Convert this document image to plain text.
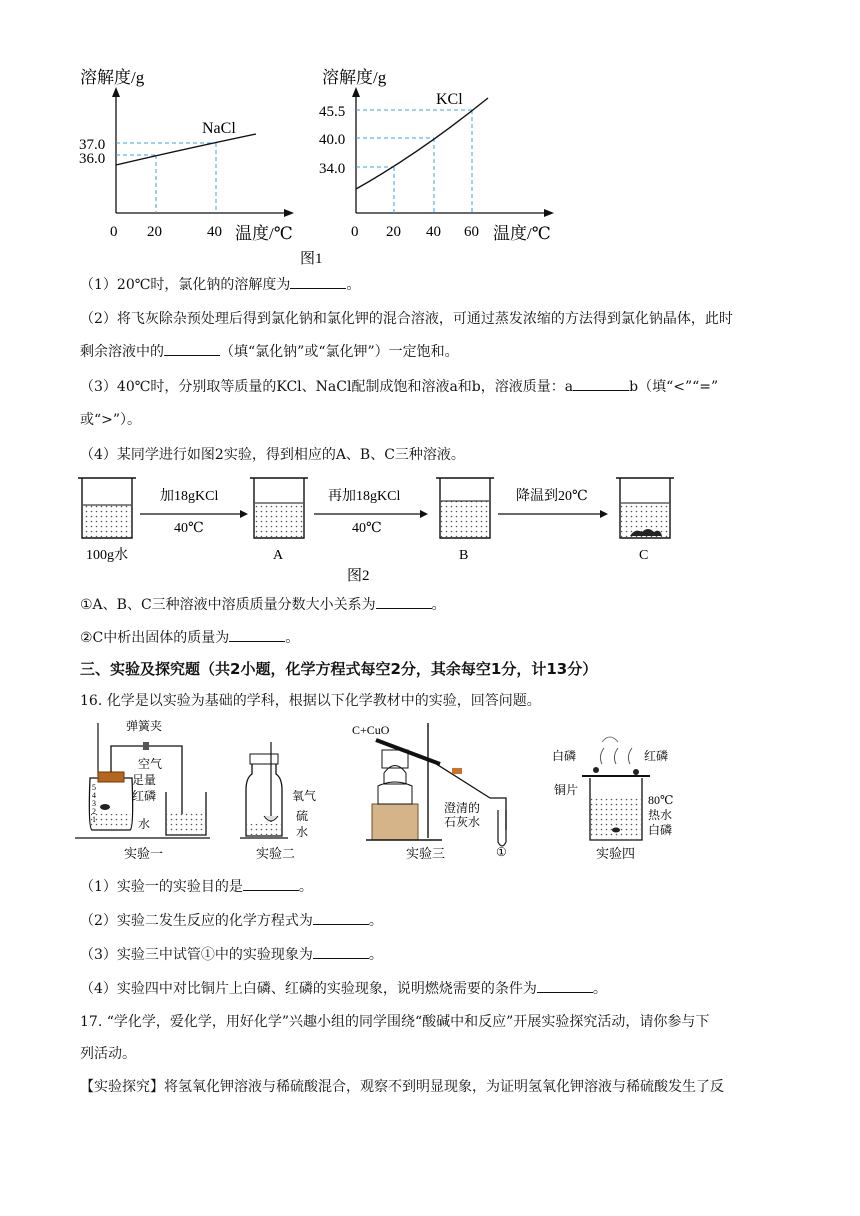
溶解度/g
NaCl
37.0
36.0
0 20	40 温度/℃
溶解度/g
KCl
45.5
40.0
34.0
0 20 40 60 温度/℃
图1
（1）20℃时，氯化钠的溶解度为	。
（2）将飞灰除杂预处理后得到氯化钠和氯化钾的混合溶液，可通过蒸发浓缩的方法得到氯化钠晶体，此时
剩余溶液中的	（填“氯化钠”或“氯化钾”）一定饱和。
（3）40℃时，分别取等质量的KCl、NaCl配制成饱和溶液a和b，溶液质量：a	b（填“<”“=”
或“>”）。
（4）某同学进行如图2实验，得到相应的A、B、C三种溶液。
加18gKCl
40℃
再加18gKCl
40℃
降温到20℃
100g水	A	B	C
图2
①A、B、C三种溶液中溶质质量分数大小关系为	。
②C中析出固体的质量为	。
三、实验及探究题（共2小题，化学方程式每空2分，其余每空1分，计13分）
16. 化学是以实验为基础的学科，根据以下化学教材中的实验，回答问题。
弹簧夹
空气
足量
红磷
水
5
4
3
2
1
实验一
氧气
硫
水
实验二
C+CuO
澄清的
石灰水
①
实验三
白磷	红磷
铜片
80℃
热水
白磷
实验四
（1）实验一的实验目的是	。
（2）实验二发生反应的化学方程式为	。
（3）实验三中试管①中的实验现象为	。
（4）实验四中对比铜片上白磷、红磷的实验现象，说明燃烧需要的条件为	。
17. “学化学，爱化学，用好化学”兴趣小组的同学围绕“酸碱中和反应”开展实验探究活动，请你参与下
列活动。
【实验探究】将氢氧化钾溶液与稀硫酸混合，观察不到明显现象，为证明氢氧化钾溶液与稀硫酸发生了反
